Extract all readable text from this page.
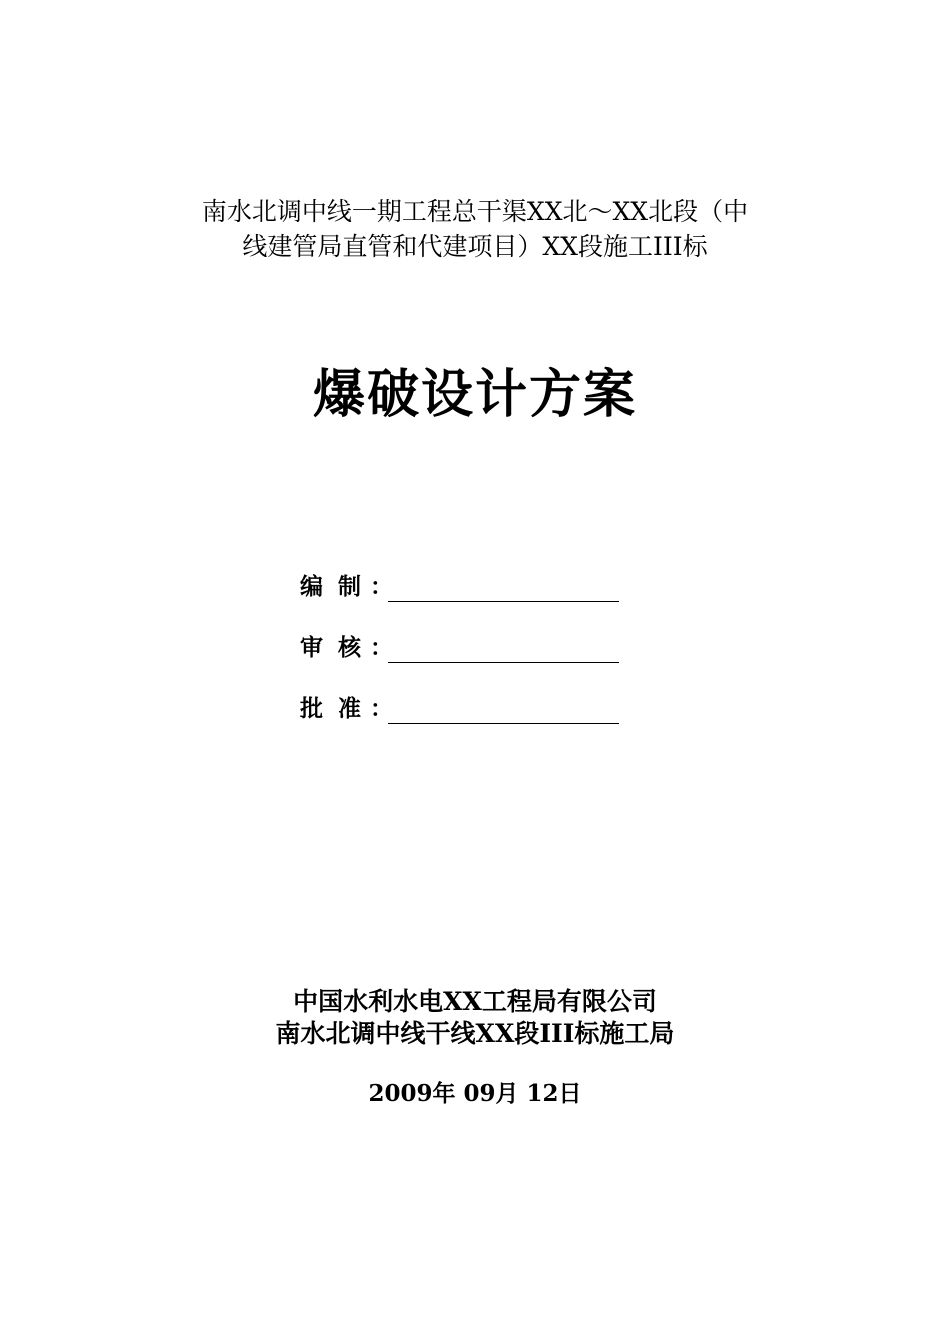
南水北调中线一期工程总干渠XX北～XX北段（中
线建管局直管和代建项目）XX段施工III标
爆破设计方案
编制
：
审核
：
批准
：
中国水利水电XX工程局有限公司
南水北调中线干线XX段III标施工局
2009年 09月 12日
